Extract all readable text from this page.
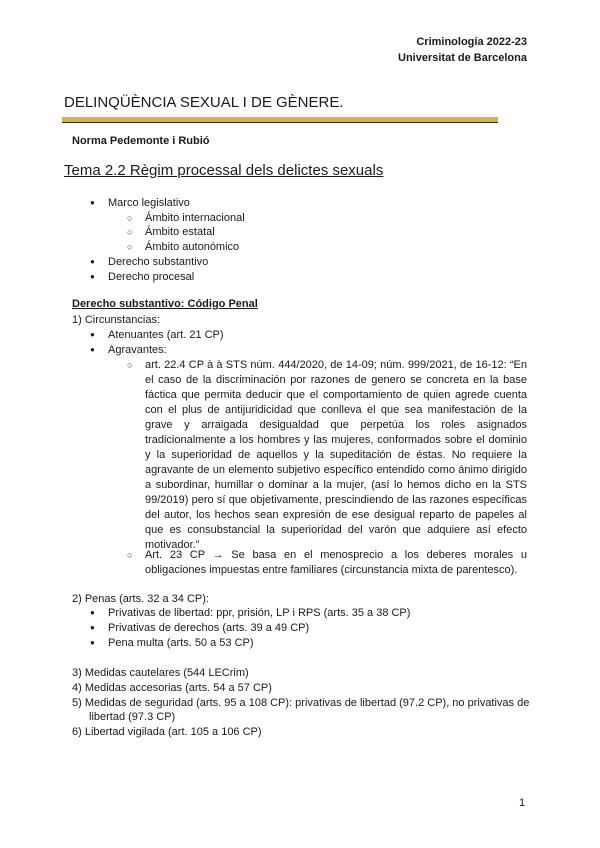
Criminología 2022-23
Universitat de Barcelona
DELINQÜÈNCIA SEXUAL I DE GÈNERE.
Norma Pedemonte i Rubió
Tema 2.2 Règim processal dels delictes sexuals
● Marco legislativo
○ Ámbito internacional
○ Ámbito estatal
○ Ámbito autonómico
● Derecho substantivo
● Derecho procesal
Derecho substantivo: Código Penal
1) Circunstancias:
● Atenuantes (art. 21 CP)
● Agravantes:
○ art. 22.4 CP à à STS núm. 444/2020, de 14-09; núm. 999/2021, de 16-12: “En el caso de la discriminación por razones de genero se concreta en la base fáctica que permita deducir que el comportamiento de quien agrede cuenta con el plus de antijuridicidad que conlleva el que sea manifestación de la grave y arraigada desigualdad que perpetúa los roles asignados tradicionalmente a los hombres y las mujeres, conformados sobre el dominio y la superioridad de aquellos y la supeditación de éstas. No requiere la agravante de un elemento subjetivo específico entendido como ánimo dirigido a subordinar, humillar o dominar a la mujer, (así lo hemos dicho en la STS 99/2019) pero sí que objetivamente, prescindiendo de las razones específicas del autor, los hechos sean expresión de ese desigual reparto de papeles al que es consubstancial la superioridad del varón que adquiere así efecto motivador.”
○ Art. 23 CP → Se basa en el menosprecio a los deberes morales u obligaciones impuestas entre familiares (circunstancia mixta de parentesco).
2) Penas (arts. 32 a 34 CP):
● Privativas de libertad: ppr, prisión, LP i RPS (arts. 35 a 38 CP)
● Privativas de derechos (arts. 39 a 49 CP)
● Pena multa (arts. 50 a 53 CP)
3) Medidas cautelares (544 LECrim)
4) Medidas accesorias (arts. 54 a 57 CP)
5) Medidas de seguridad (arts. 95 a 108 CP): privativas de libertad (97.2 CP), no privativas de libertad (97.3 CP)
6) Libertad vigilada (art. 105 a 106 CP)
1
